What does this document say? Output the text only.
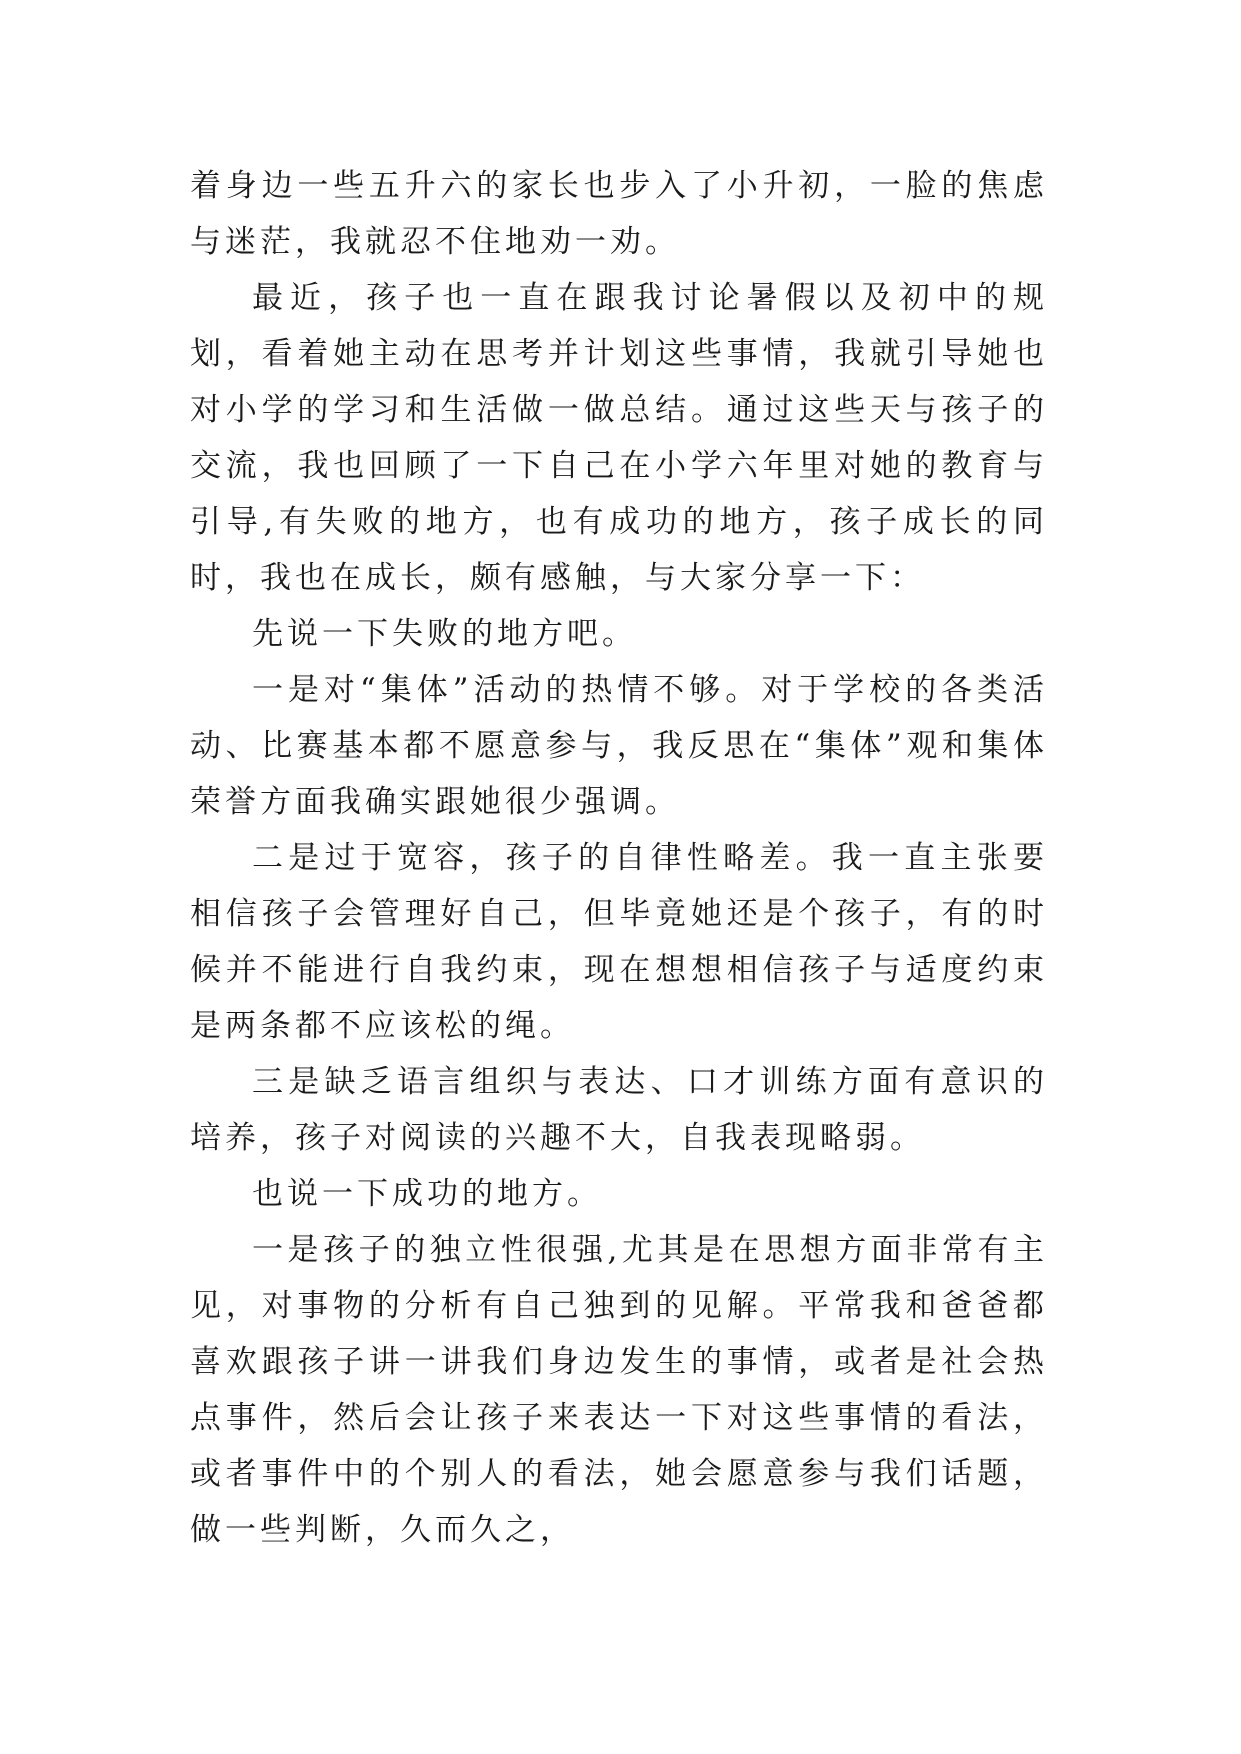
着身边一些五升六的家长也步入了小升初，一脸的焦虑与迷茫，我就忍不住地劝一劝。

最近，孩子也一直在跟我讨论暑假以及初中的规划，看着她主动在思考并计划这些事情，我就引导她也对小学的学习和生活做一做总结。通过这些天与孩子的交流，我也回顾了一下自己在小学六年里对她的教育与引导,有失败的地方，也有成功的地方，孩子成长的同时，我也在成长，颇有感触，与大家分享一下：

先说一下失败的地方吧。

一是对“集体”活动的热情不够。对于学校的各类活动、比赛基本都不愿意参与，我反思在“集体”观和集体荣誉方面我确实跟她很少强调。

二是过于宽容，孩子的自律性略差。我一直主张要相信孩子会管理好自己，但毕竟她还是个孩子，有的时候并不能进行自我约束，现在想想相信孩子与适度约束是两条都不应该松的绳。

三是缺乏语言组织与表达、口才训练方面有意识的培养，孩子对阅读的兴趣不大，自我表现略弱。

也说一下成功的地方。

一是孩子的独立性很强,尤其是在思想方面非常有主见，对事物的分析有自己独到的见解。平常我和爸爸都喜欢跟孩子讲一讲我们身边发生的事情，或者是社会热点事件，然后会让孩子来表达一下对这些事情的看法，或者事件中的个别人的看法，她会愿意参与我们话题，做一些判断，久而久之，
